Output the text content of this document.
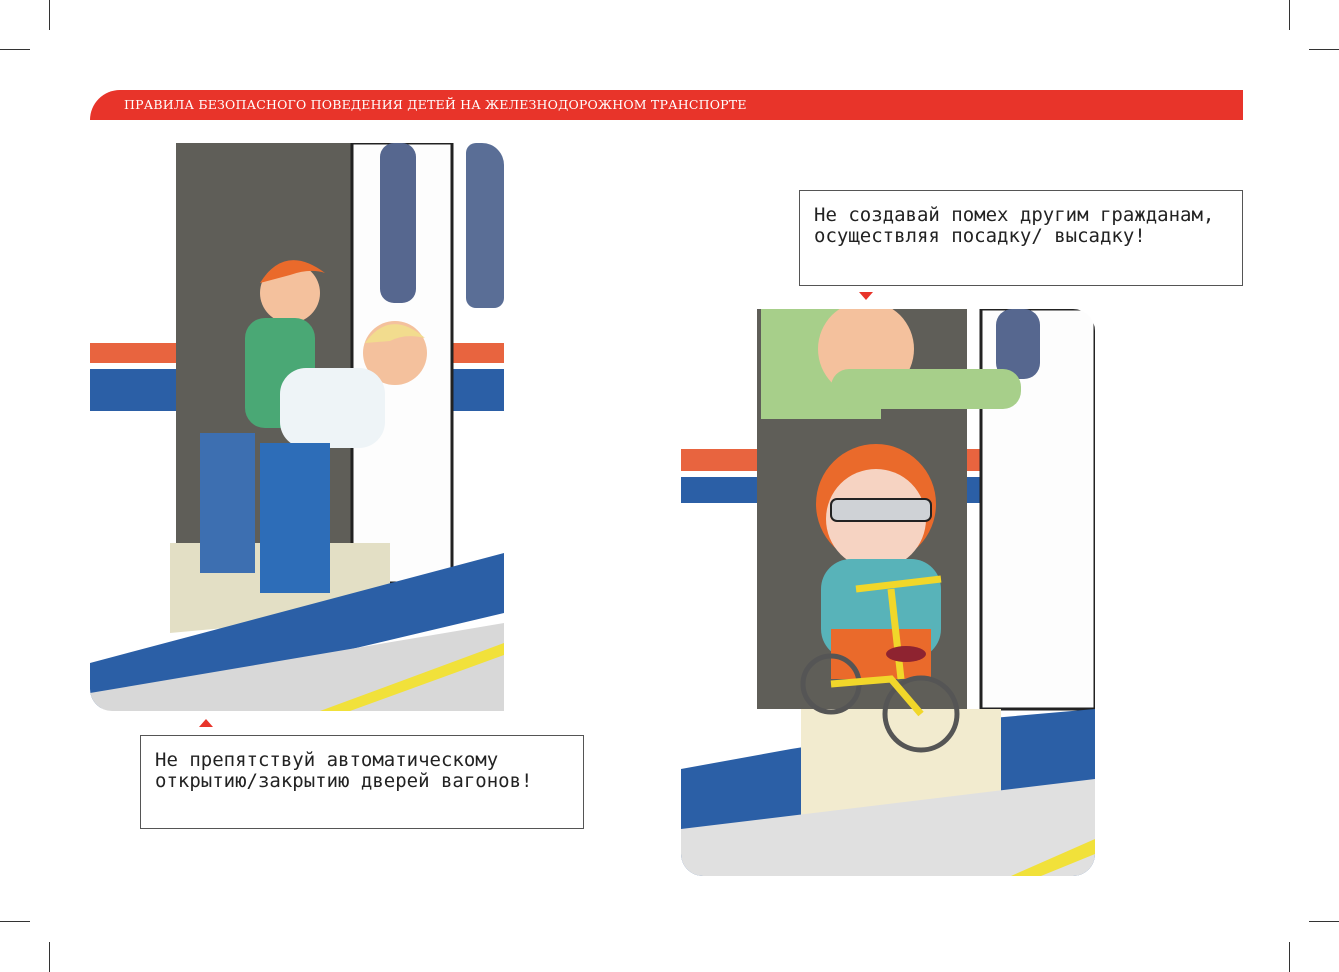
ПРАВИЛА БЕЗОПАСНОГО ПОВЕДЕНИЯ ДЕТЕЙ НА ЖЕЛЕЗНОДОРОЖНОМ ТРАНСПОРТЕ
Не препятствуй автоматическому открытию/закрытию дверей вагонов!
Не создавай помех другим гражданам, осуществляя посадку/ высадку!
